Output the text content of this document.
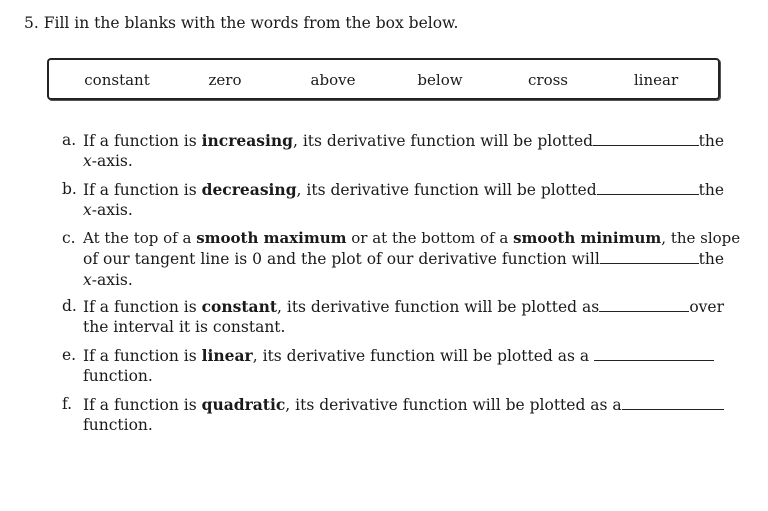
5. Fill in the blanks with the words from the box below.
constant	zero	above	below	cross	linear
a. If a function is increasing, its derivative function will be plotted	the
x-axis.
b. If a function is decreasing, its derivative function will be plotted	the
x-axis.
c. At the top of a smooth maximum or at the bottom of a smooth minimum, the slope
of our tangent line is 0 and the plot of our derivative function will	the
x-axis.
d. If a function is constant, its derivative function will be plotted as	over
the interval it is constant.
e. If a function is linear, its derivative function will be plotted as a
function.
f. If a function is quadratic, its derivative function will be plotted as a
function.
